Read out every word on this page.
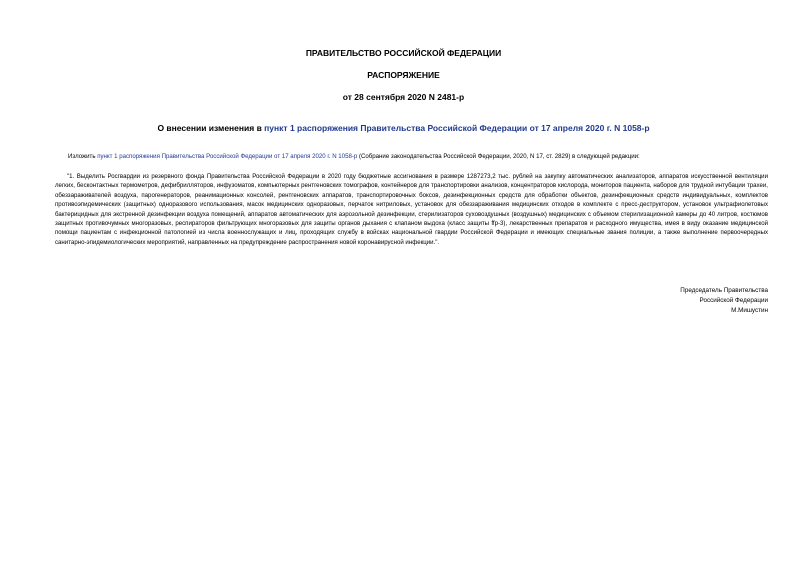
ПРАВИТЕЛЬСТВО РОССИЙСКОЙ ФЕДЕРАЦИИ
РАСПОРЯЖЕНИЕ
от 28 сентября 2020 N 2481-р
О внесении изменения в пункт 1 распоряжения Правительства Российской Федерации от 17 апреля 2020 г. N 1058-р
Изложить пункт 1 распоряжения Правительства Российской Федерации от 17 апреля 2020 г. N 1058-р (Собрание законодательства Российской Федерации, 2020, N 17, ст. 2829) в следующей редакции:
"1. Выделить Росгвардии из резервного фонда Правительства Российской Федерации в 2020 году бюджетные ассигнования в размере 1287273,2 тыс. рублей на закупку автоматических анализаторов, аппаратов искусственной вентиляции легких, бесконтактных термометров, дефибрилляторов, инфузоматов, компьютерных рентгеновских томографов, контейнеров для транспортировки анализов, концентраторов кислорода, мониторов пациента, наборов для трудной интубации трахеи, обеззараживателей воздуха, парогенераторов, реанимационных консолей, рентгеновских аппаратов, транспортировочных боксов, дезинфекционных средств для обработки объектов, дезинфекционных средств индивидуальных, комплектов противоэпидемических (защитных) одноразового использования, масок медицинских одноразовых, перчаток нитриловых, установок для обеззараживания медицинских отходов в комплекте с пресс-деструктором, установок ультрафиолетовых бактерицидных для экстренной дезинфекции воздуха помещений, аппаратов автоматических для аэрозольной дезинфекции, стерилизаторов суховоздушных (воздушных) медицинских с объемом стерилизационной камеры до 40 литров, костюмов защитных противочумных многоразовых, респираторов фильтрующих многоразовых для защиты органов дыхания с клапаном выдоха (класс защиты ffp-3), лекарственных препаратов и расходного имущества, имея в виду оказание медицинской помощи пациентам с инфекционной патологией из числа военнослужащих и лиц, проходящих службу в войсках национальной гвардии Российской Федерации и имеющих специальные звания полиции, а также выполнение первоочередных санитарно-эпидемиологических мероприятий, направленных на предупреждение распространения новой коронавирусной инфекции.".
Председатель Правительства
Российской Федерации
М.Мишустин
